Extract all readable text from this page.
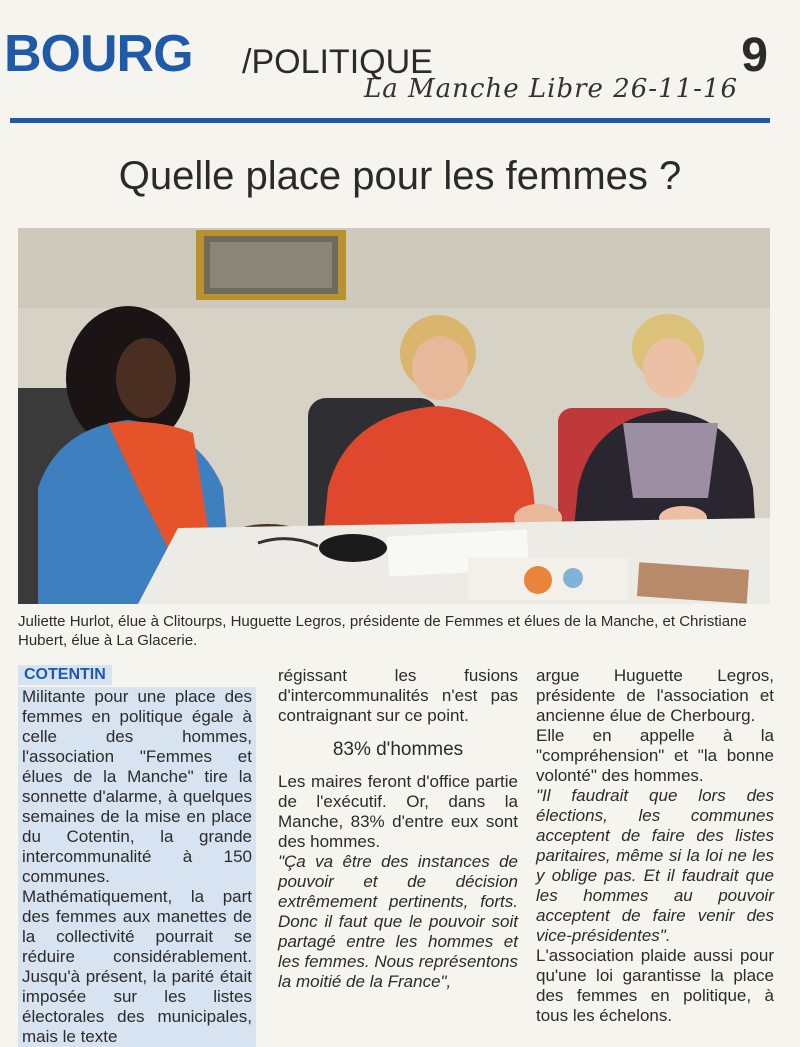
BOURG /POLITIQUE	9
La Manche Libre 26-11-16
Quelle place pour les femmes ?
Juliette Hurlot, élue à Clitourps, Huguette Legros, présidente de Femmes et élues de la Manche, et Christiane Hubert, élue à La Glacerie.
COTENTIN

Militante pour une place des femmes en politique égale à celle des hommes, l'association "Femmes et élues de la Manche" tire la sonnette d'alarme, à quelques semaines de la mise en place du Cotentin, la grande intercommunalité à 150 communes. Mathématiquement, la part des femmes aux manettes de la collectivité pourrait se réduire considérablement. Jusqu'à présent, la parité était imposée sur les listes électorales des municipales, mais le texte

régissant les fusions d'intercommunalités n'est pas contraignant sur ce point.

83% d'hommes

Les maires feront d'office partie de l'exécutif. Or, dans la Manche, 83% d'entre eux sont des hommes.

"Ça va être des instances de pouvoir et de décision extrêmement pertinents, forts. Donc il faut que le pouvoir soit partagé entre les hommes et les femmes. Nous représentons la moitié de la France",

argue Huguette Legros, présidente de l'association et ancienne élue de Cherbourg.

Elle en appelle à la "compréhension" et "la bonne volonté" des hommes.

"Il faudrait que lors des élections, les communes acceptent de faire des listes paritaires, même si la loi ne les y oblige pas. Et il faudrait que les hommes au pouvoir acceptent de faire venir des vice-présidentes".

L'association plaide aussi pour qu'une loi garantisse la place des femmes en politique, à tous les échelons.
